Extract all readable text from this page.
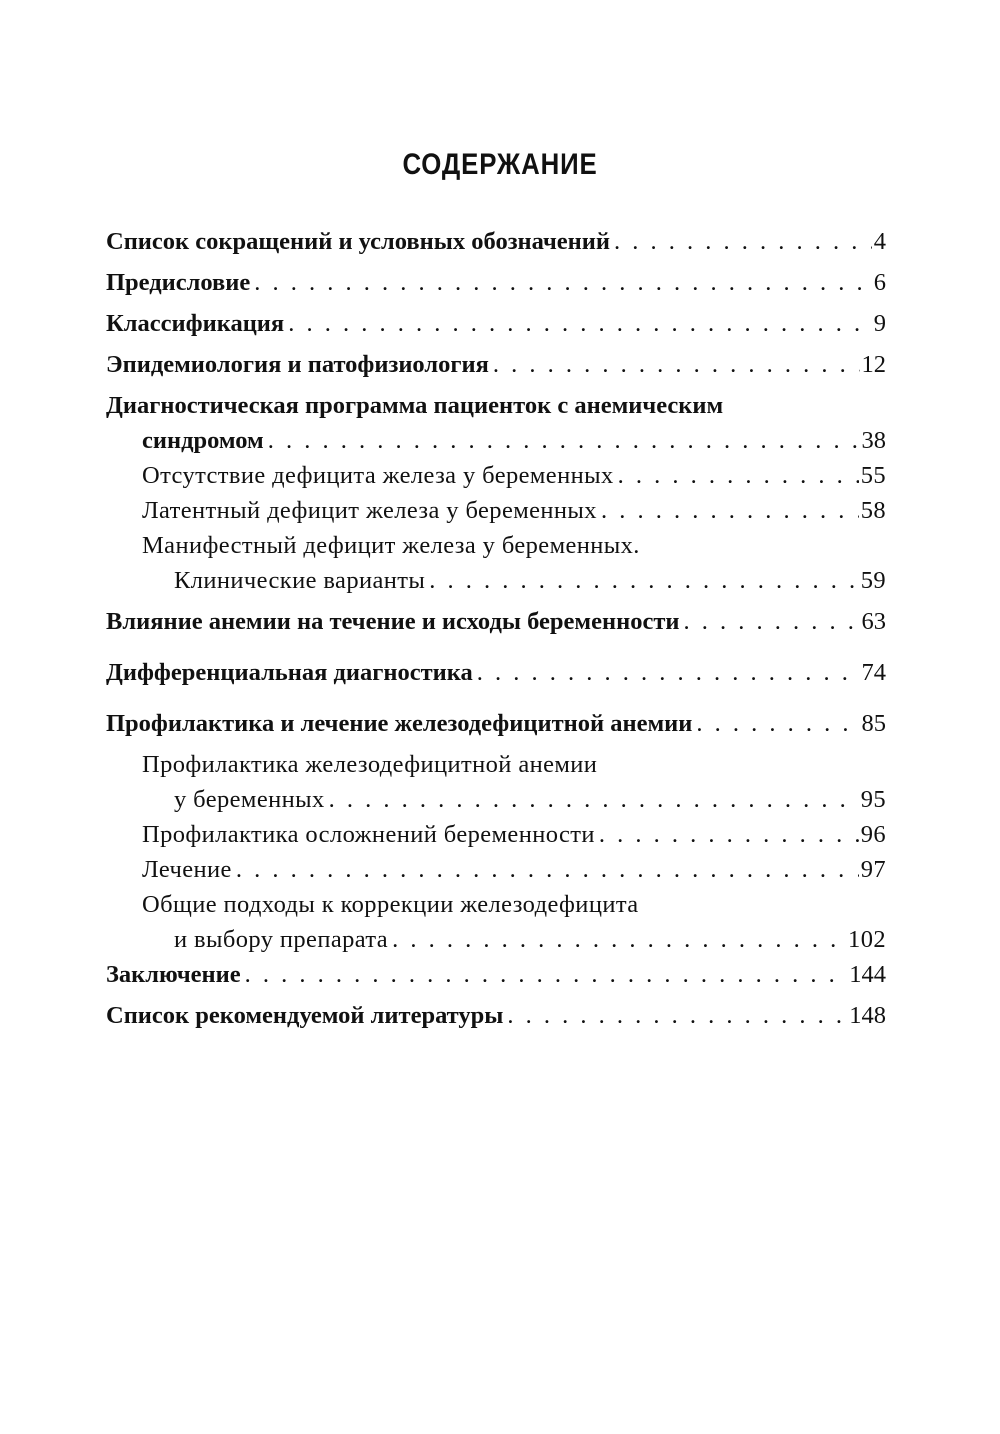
СОДЕРЖАНИЕ
Список сокращений и условных обозначений . . .	4
Предисловие . . .	6
Классификация . . .	9
Эпидемиология и патофизиология . . .	12
Диагностическая программа пациенток с анемическим
синдромом . . .	38
Отсутствие дефицита железа у беременных . . .	55
Латентный дефицит железа у беременных . . .	58
Манифестный дефицит железа у беременных.
Клинические варианты . . .	59
Влияние анемии на течение и исходы беременности . . .	63
Дифференциальная диагностика . . .	74
Профилактика и лечение железодефицитной анемии . . .	85
Профилактика железодефицитной анемии
у беременных . . .	95
Профилактика осложнений беременности . . .	96
Лечение . . .	97
Общие подходы к коррекции железодефицита
и выбору препарата . . .	102
Заключение . . .	144
Список рекомендуемой литературы . . .	148
